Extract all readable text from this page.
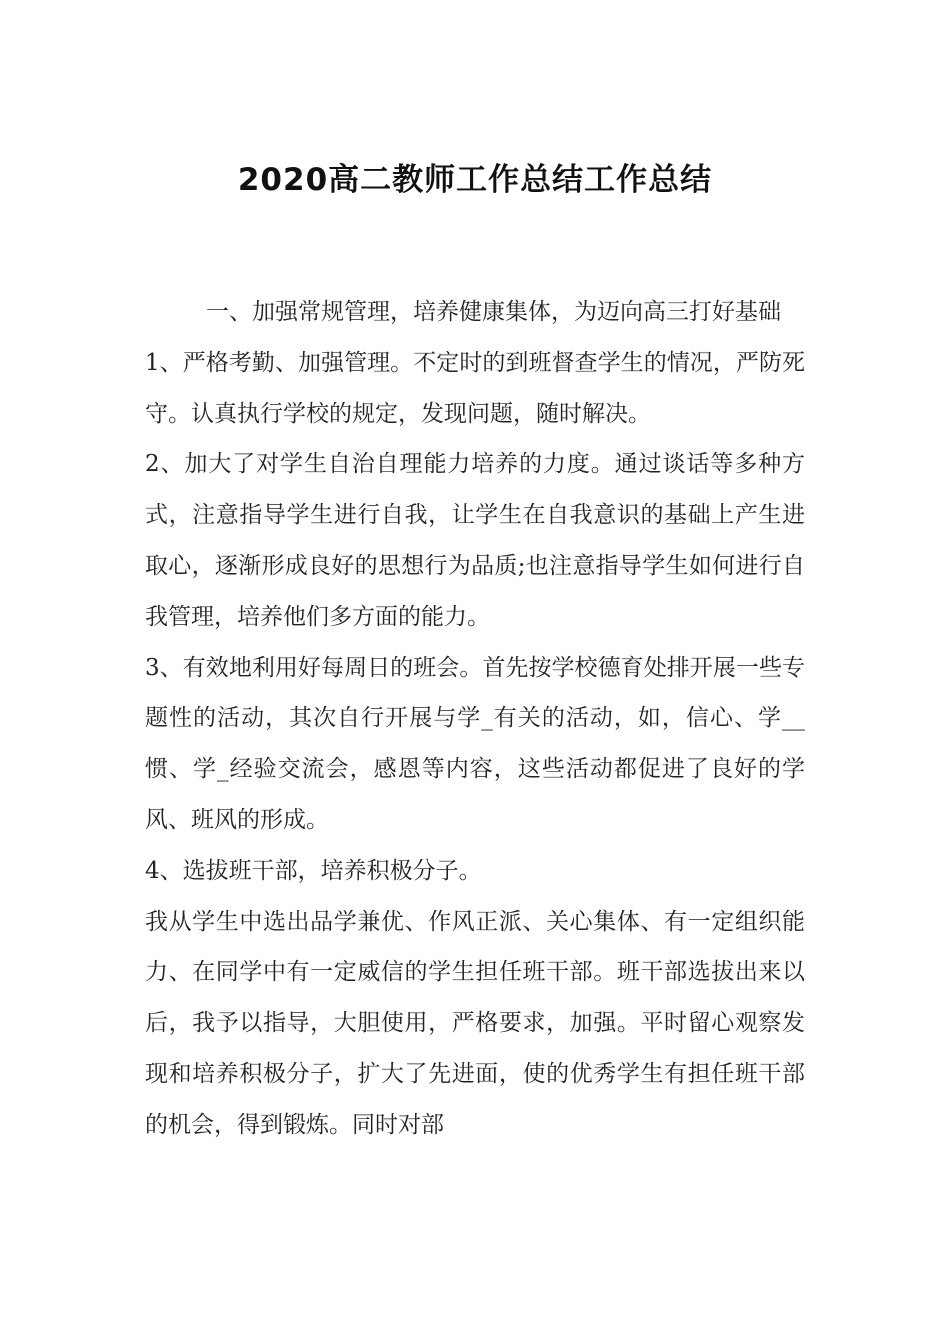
2020高二教师工作总结工作总结

一、加强常规管理，培养健康集体，为迈向高三打好基础

1、严格考勤、加强管理。不定时的到班督查学生的情况，严防死守。认真执行学校的规定，发现问题，随时解决。

2、加大了对学生自治自理能力培养的力度。通过谈话等多种方式，注意指导学生进行自我，让学生在自我意识的基础上产生进取心，逐渐形成良好的思想行为品质;也注意指导学生如何进行自我管理，培养他们多方面的能力。

3、有效地利用好每周日的班会。首先按学校德育处排开展一些专题性的活动，其次自行开展与学_有关的活动，如，信心、学__惯、学_经验交流会，感恩等内容，这些活动都促进了良好的学风、班风的形成。

4、选拔班干部，培养积极分子。

我从学生中选出品学兼优、作风正派、关心集体、有一定组织能力、在同学中有一定威信的学生担任班干部。班干部选拔出来以后，我予以指导，大胆使用，严格要求，加强。平时留心观察发现和培养积极分子，扩大了先进面，使的优秀学生有担任班干部的机会，得到锻炼。同时对部
